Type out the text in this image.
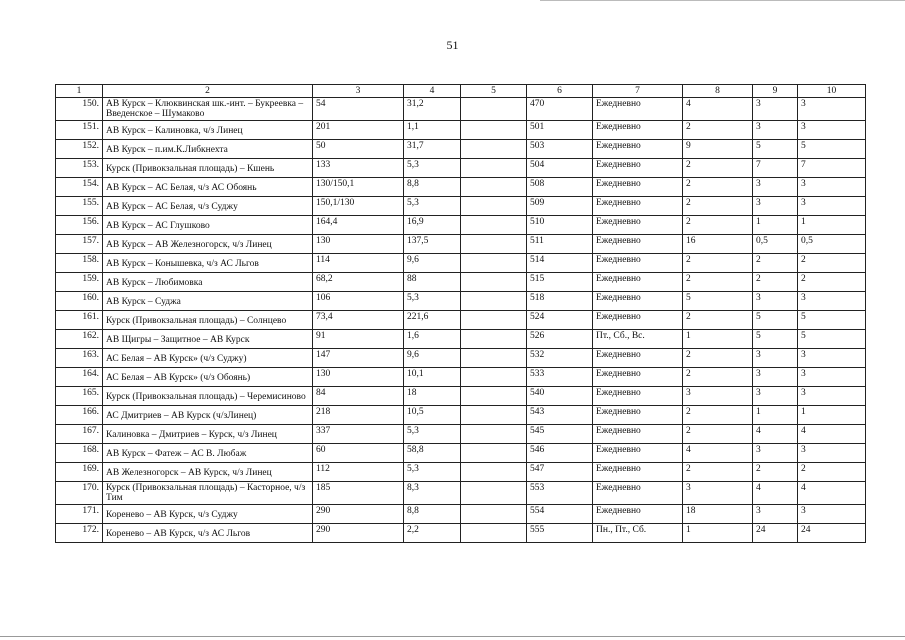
51
1	2	3	4	5	6	7	8	9	10
150.	АВ Курск – Клюквинская шк.-инт. – Букреевка – Введенское – Шумаково	54	31,2		470	Ежедневно	4	3	3
151.	АВ Курск – Калиновка, ч/з Линец	201	1,1		501	Ежедневно	2	3	3
152.	АВ Курск – п.им.К.Либкнехта	50	31,7		503	Ежедневно	9	5	5
153.	Курск (Привокзальная площадь) – Кшень	133	5,3		504	Ежедневно	2	7	7
154.	АВ Курск – АС Белая, ч/з АС Обоянь	130/150,1	8,8		508	Ежедневно	2	3	3
155.	АВ Курск – АС Белая, ч/з Суджу	150,1/130	5,3		509	Ежедневно	2	3	3
156.	АВ Курск – АС Глушково	164,4	16,9		510	Ежедневно	2	1	1
157.	АВ Курск – АВ Железногорск, ч/з Линец	130	137,5		511	Ежедневно	16	0,5	0,5
158.	АВ Курск – Конышевка, ч/з АС Льгов	114	9,6		514	Ежедневно	2	2	2
159.	АВ Курск – Любимовка	68,2	88		515	Ежедневно	2	2	2
160.	АВ Курск – Суджа	106	5,3		518	Ежедневно	5	3	3
161.	Курск (Привокзальная площадь) – Солнцево	73,4	221,6		524	Ежедневно	2	5	5
162.	АВ Щигры – Защитное – АВ Курск	91	1,6		526	Пт., Сб., Вс.	1	5	5
163.	АС Белая – АВ Курск» (ч/з Суджу)	147	9,6		532	Ежедневно	2	3	3
164.	АС Белая – АВ Курск» (ч/з Обоянь)	130	10,1		533	Ежедневно	2	3	3
165.	Курск (Привокзальная площадь) – Черемисиново	84	18		540	Ежедневно	3	3	3
166.	АС Дмитриев – АВ Курск (ч/зЛинец)	218	10,5		543	Ежедневно	2	1	1
167.	Калиновка – Дмитриев – Курск, ч/з Линец	337	5,3		545	Ежедневно	2	4	4
168.	АВ Курск – Фатеж – АС В. Любаж	60	58,8		546	Ежедневно	4	3	3
169.	АВ Железногорск – АВ Курск, ч/з Линец	112	5,3		547	Ежедневно	2	2	2
170.	Курск (Привокзальная площадь) – Касторное, ч/з Тим	185	8,3		553	Ежедневно	3	4	4
171.	Коренево – АВ Курск, ч/з Суджу	290	8,8		554	Ежедневно	18	3	3
172.	Коренево – АВ Курск, ч/з АС Льгов	290	2,2		555	Пн., Пт., Сб.	1	24	24
